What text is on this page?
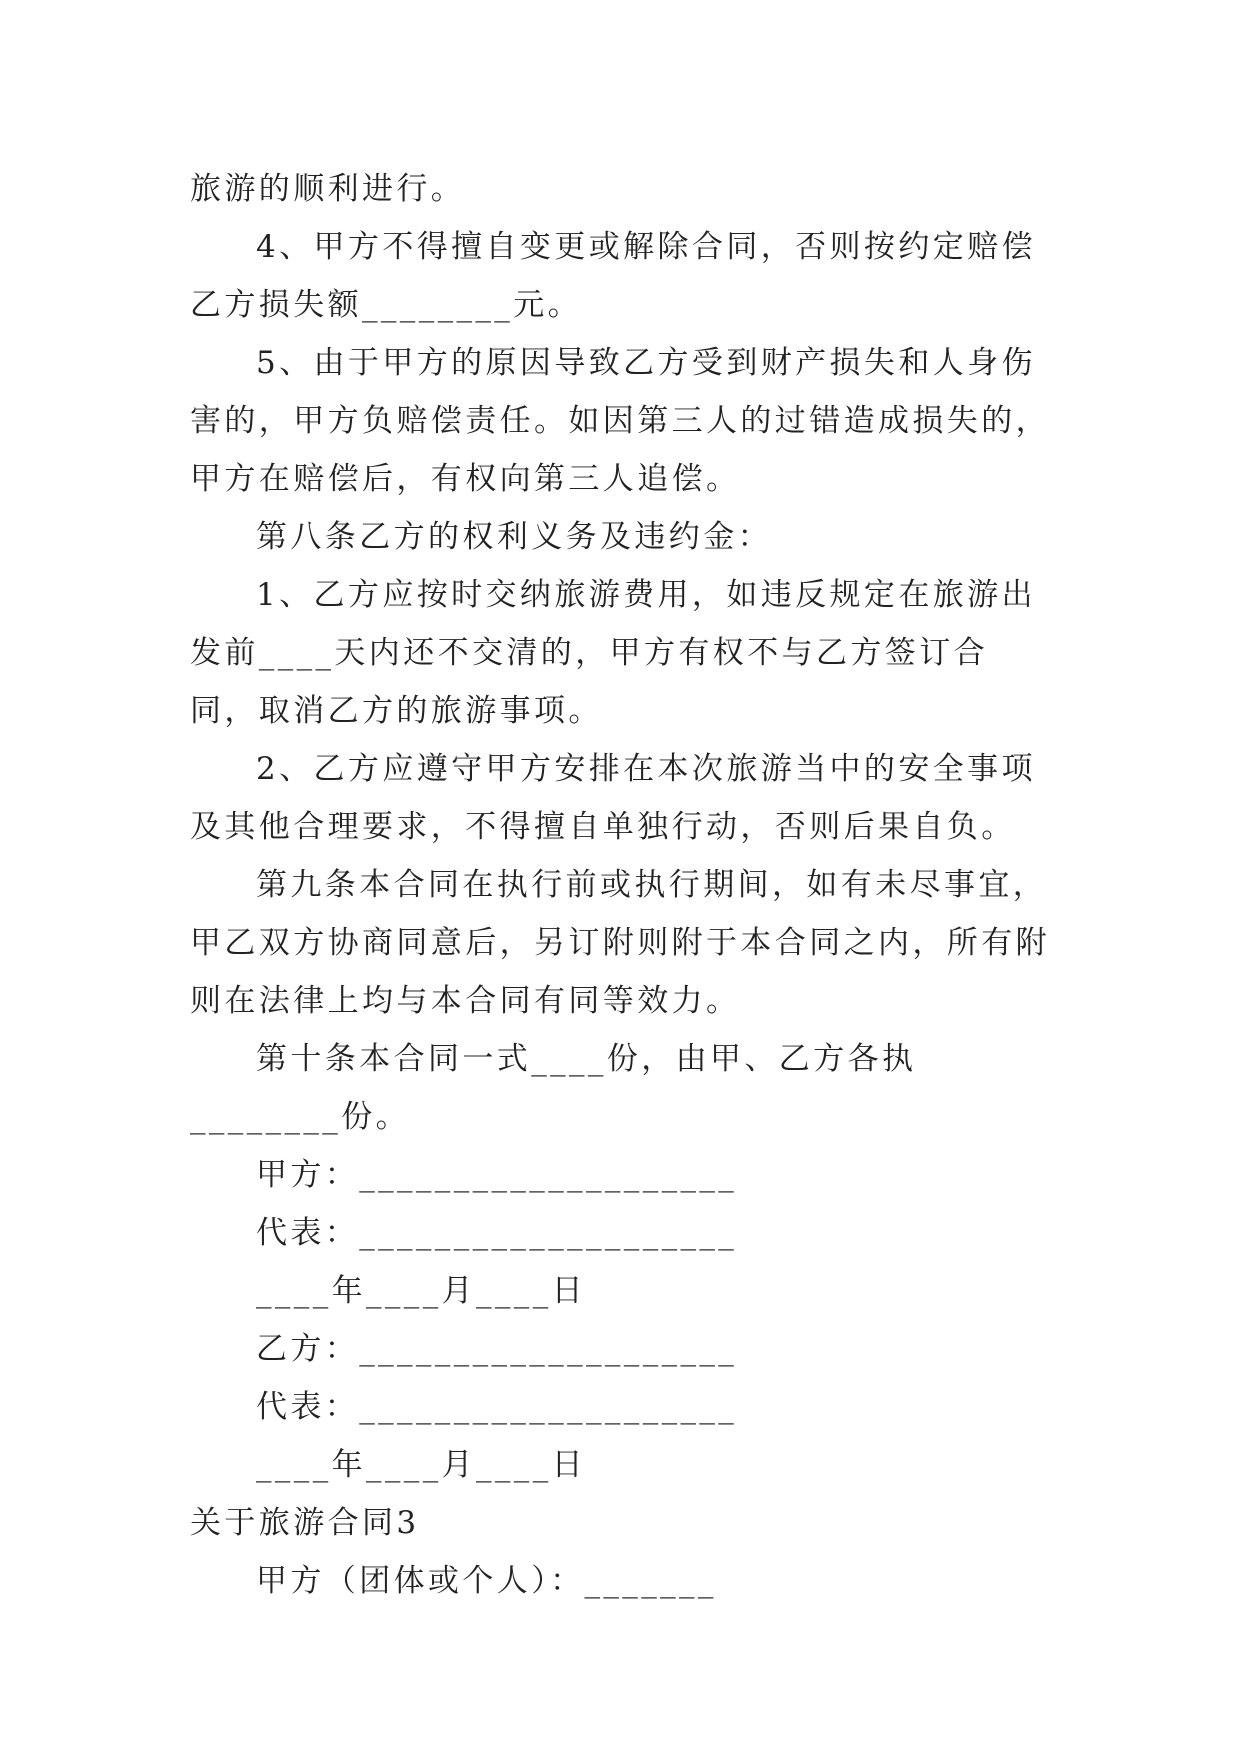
旅游的顺利进行。

4、甲方不得擅自变更或解除合同，否则按约定赔偿乙方损失额________元。

5、由于甲方的原因导致乙方受到财产损失和人身伤害的，甲方负赔偿责任。如因第三人的过错造成损失的，甲方在赔偿后，有权向第三人追偿。

第八条乙方的权利义务及违约金：

1、乙方应按时交纳旅游费用，如违反规定在旅游出发前____天内还不交清的，甲方有权不与乙方签订合同，取消乙方的旅游事项。

2、乙方应遵守甲方安排在本次旅游当中的安全事项及其他合理要求，不得擅自单独行动，否则后果自负。

第九条本合同在执行前或执行期间，如有未尽事宜，甲乙双方协商同意后，另订附则附于本合同之内，所有附则在法律上均与本合同有同等效力。

第十条本合同一式____份，由甲、乙方各执________份。

甲方：____________________

代表：____________________

____年____月____日

乙方：____________________

代表：____________________

____年____月____日

关于旅游合同3

甲方（团体或个人）：_______
